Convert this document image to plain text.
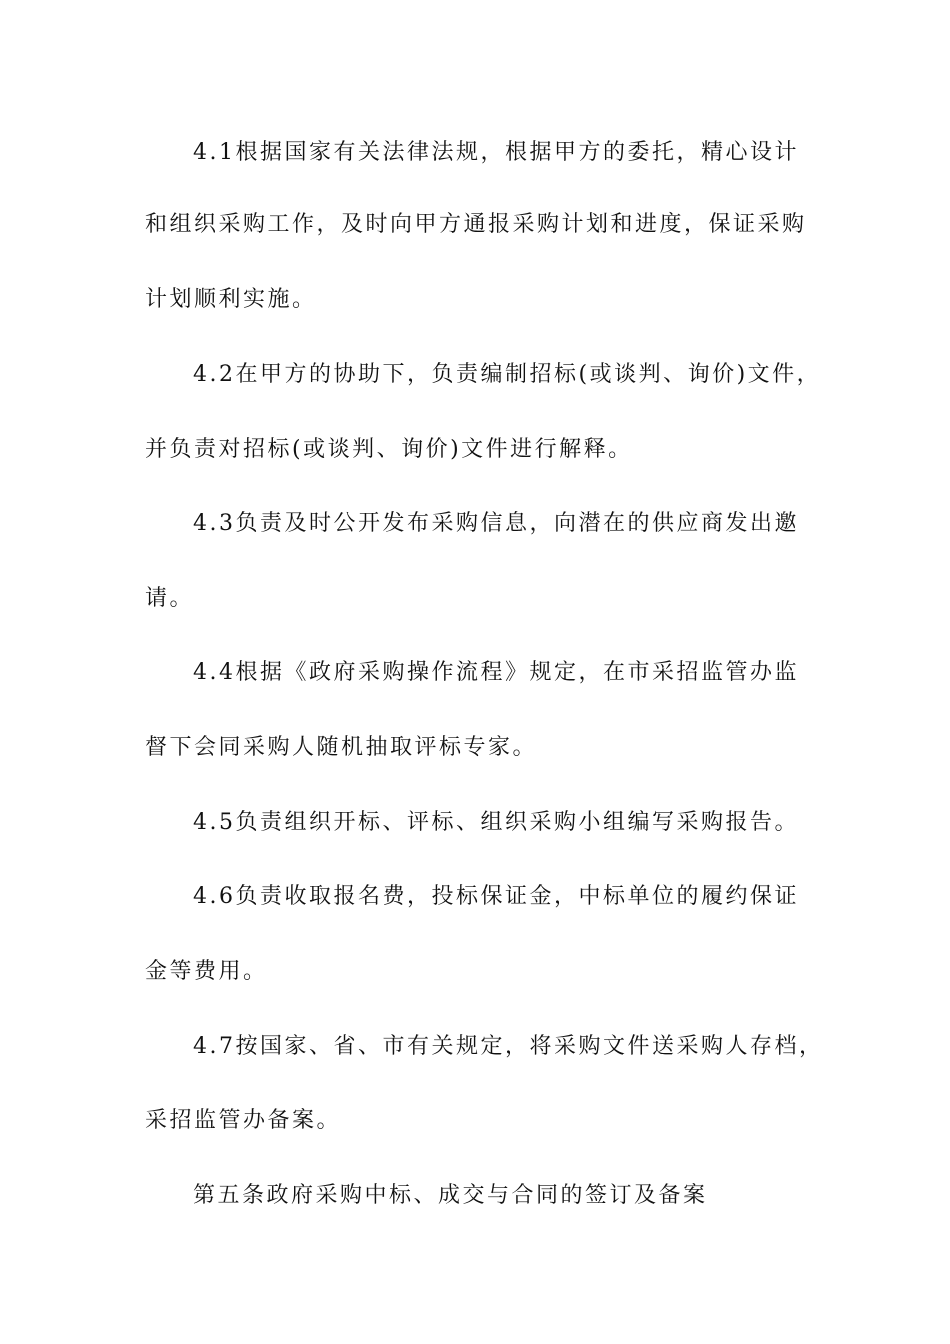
4.1根据国家有关法律法规，根据甲方的委托，精心设计

和组织采购工作，及时向甲方通报采购计划和进度，保证采购

计划顺利实施。

4.2在甲方的协助下，负责编制招标(或谈判、询价)文件，

并负责对招标(或谈判、询价)文件进行解释。

4.3负责及时公开发布采购信息，向潜在的供应商发出邀

请。

4.4根据《政府采购操作流程》规定，在市采招监管办监

督下会同采购人随机抽取评标专家。

4.5负责组织开标、评标、组织采购小组编写采购报告。

4.6负责收取报名费，投标保证金，中标单位的履约保证

金等费用。

4.7按国家、省、市有关规定，将采购文件送采购人存档，

采招监管办备案。

第五条政府采购中标、成交与合同的签订及备案
